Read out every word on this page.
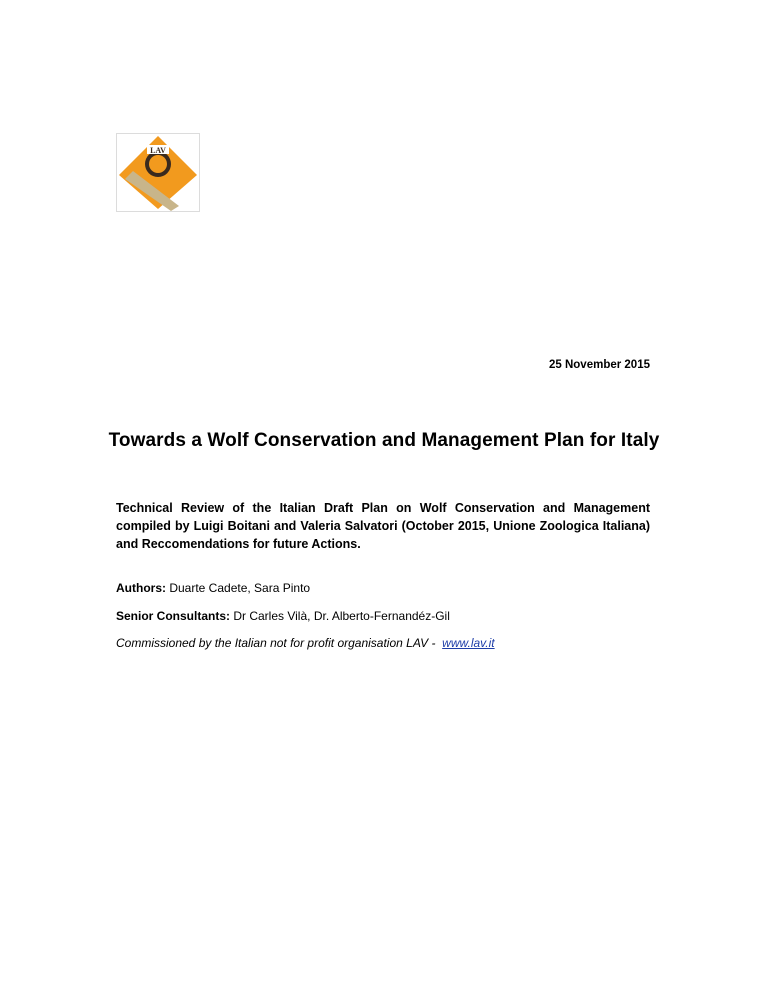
LAV
25 November 2015
Towards a Wolf Conservation and Management Plan for Italy
Technical Review of the Italian Draft Plan on Wolf Conservation and Management compiled by Luigi Boitani and Valeria Salvatori (October 2015, Unione Zoologica Italiana) and Reccomendations for future Actions.
Authors: Duarte Cadete, Sara Pinto
Senior Consultants: Dr Carles Vilà, Dr. Alberto-Fernandéz-Gil
Commissioned by the Italian not for profit organisation LAV -  www.lav.it
